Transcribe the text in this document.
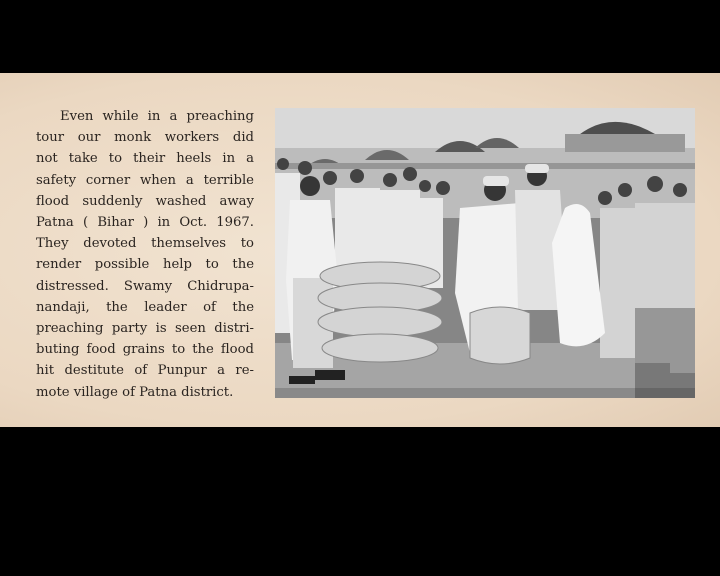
Even while in a preaching
tour our monk workers did
not take to their heels in a
safety corner when a terrible
flood suddenly washed away
Patna ( Bihar ) in Oct. 1967.
They devoted themselves to
render possible help to the
distressed. Swamy Chidrupa-
nandaji, the leader of the
preaching party is seen distri-
buting food grains to the flood
hit destitute of Punpur a re-
mote village of Patna district.
